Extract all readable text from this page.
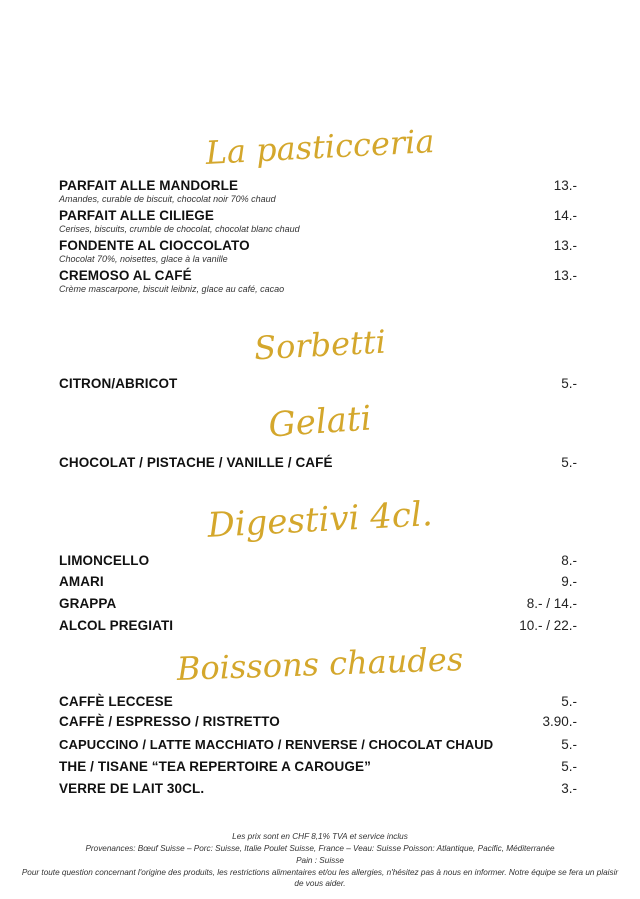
La pasticceria
PARFAIT ALLE MANDORLE
Amandes, curable de biscuit, chocolat noir 70% chaud
13.-
PARFAIT ALLE CILIEGE
Cerises, biscuits, crumble de chocolat, chocolat blanc chaud
14.-
FONDENTE AL CIOCCOLATO
Chocolat 70%, noisettes, glace à la vanille
13.-
CREMOSO AL CAFÉ
Crème mascarpone, biscuit leibniz, glace au café, cacao
13.-
Sorbetti
CITRON/ABRICOT	5.-
Gelati
CHOCOLAT / PISTACHE / VANILLE / CAFÉ	5.-
Digestivi 4cl.
LIMONCELLO	8.-
AMARI	9.-
GRAPPA	8.- / 14.-
ALCOL PREGIATI	10.- / 22.-
Boissons chaudes
CAFFÈ LECCESE	5.-
CAFFÈ / ESPRESSO / RISTRETTO	3.90.-
CAPUCCINO / LATTE MACCHIATO / RENVERSE / CHOCOLAT CHAUD	5.-
THE / TISANE “TEA REPERTOIRE A CAROUGE”	5.-
VERRE DE LAIT 30CL.	3.-
Les prix sont en CHF 8,1% TVA et service inclus
Provenances: Bœuf Suisse – Porc: Suisse, Italie Poulet Suisse, France – Veau: Suisse Poisson: Atlantique, Pacific, Méditerranée
Pain : Suisse
Pour toute question concernant l'origine des produits, les restrictions alimentaires et/ou les allergies, n'hésitez pas à nous en informer. Notre équipe se fera un plaisir de vous aider.
